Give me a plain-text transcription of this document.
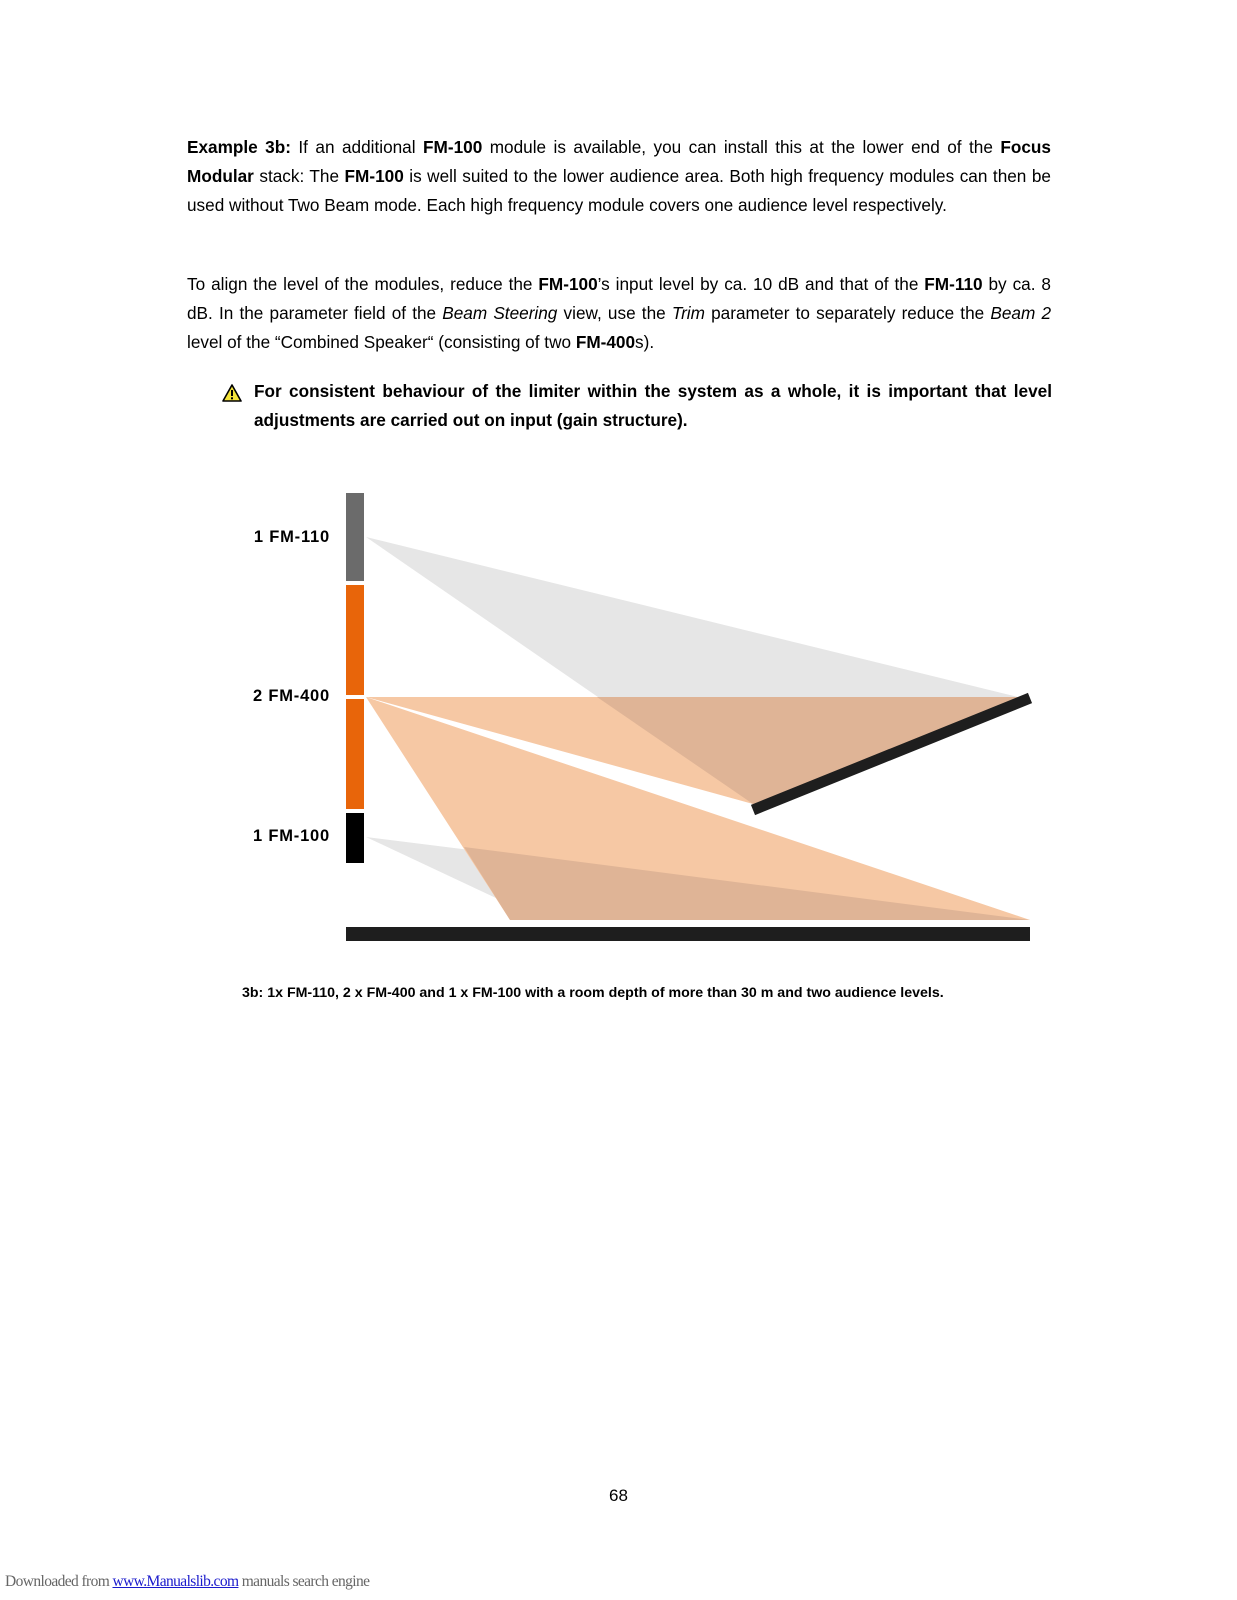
Example 3b: If an additional FM-100 module is available, you can install this at the lower end of the Focus Modular stack: The FM-100 is well suited to the lower audience area. Both high frequency modules can then be used without Two Beam mode. Each high frequency module covers one audience level respectively.

To align the level of the modules, reduce the FM-100’s input level by ca. 10 dB and that of the FM-110 by ca. 8 dB. In the parameter field of the Beam Steering view, use the Trim parameter to separately reduce the Beam 2 level of the “Combined Speaker“ (consisting of two FM-400s).

For consistent behaviour of the limiter within the system as a whole, it is important that level adjustments are carried out on input (gain structure).
1 FM-110
2 FM-400
1 FM-100
3b: 1x FM-110, 2 x FM-400 and 1 x FM-100 with a room depth of more than 30 m and two audience levels.
68
Downloaded from www.Manualslib.com manuals search engine
